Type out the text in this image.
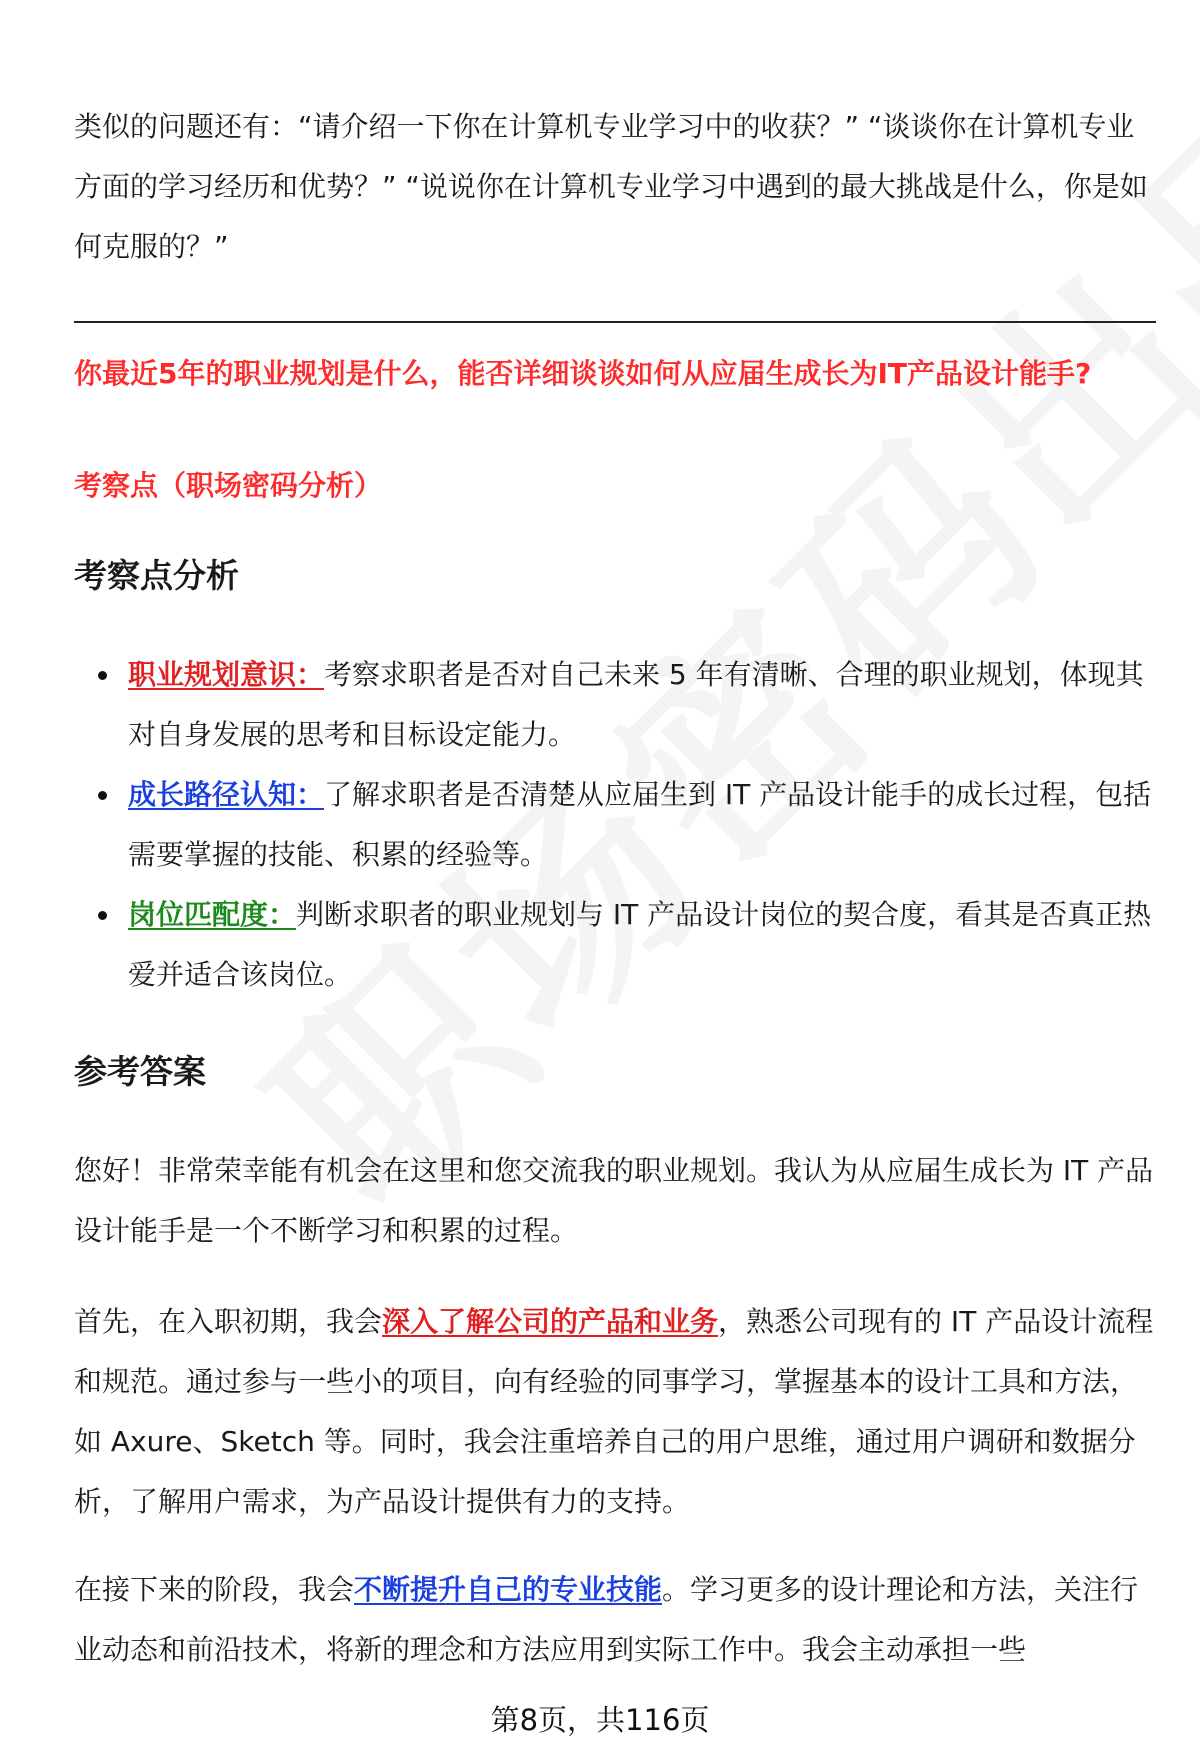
类似的问题还有：“请介绍一下你在计算机专业学习中的收获？” “谈谈你在计算机专业方面的学习经历和优势？” “说说你在计算机专业学习中遇到的最大挑战是什么，你是如何克服的？”

你最近5年的职业规划是什么，能否详细谈谈如何从应届生成长为IT产品设计能手?

考察点（职场密码分析）

考察点分析
职业规划意识：考察求职者是否对自己未来 5 年有清晰、合理的职业规划，体现其对自身发展的思考和目标设定能力。
成长路径认知：了解求职者是否清楚从应届生到 IT 产品设计能手的成长过程，包括需要掌握的技能、积累的经验等。
岗位匹配度：判断求职者的职业规划与 IT 产品设计岗位的契合度，看其是否真正热爱并适合该岗位。
参考答案

您好！非常荣幸能有机会在这里和您交流我的职业规划。我认为从应届生成长为 IT 产品设计能手是一个不断学习和积累的过程。

首先，在入职初期，我会深入了解公司的产品和业务，熟悉公司现有的 IT 产品设计流程和规范。通过参与一些小的项目，向有经验的同事学习，掌握基本的设计工具和方法，如 Axure、Sketch 等。同时，我会注重培养自己的用户思维，通过用户调研和数据分析，了解用户需求，为产品设计提供有力的支持。

在接下来的阶段，我会不断提升自己的专业技能。学习更多的设计理论和方法，关注行业动态和前沿技术，将新的理念和方法应用到实际工作中。我会主动承担一些

第8页，共116页
